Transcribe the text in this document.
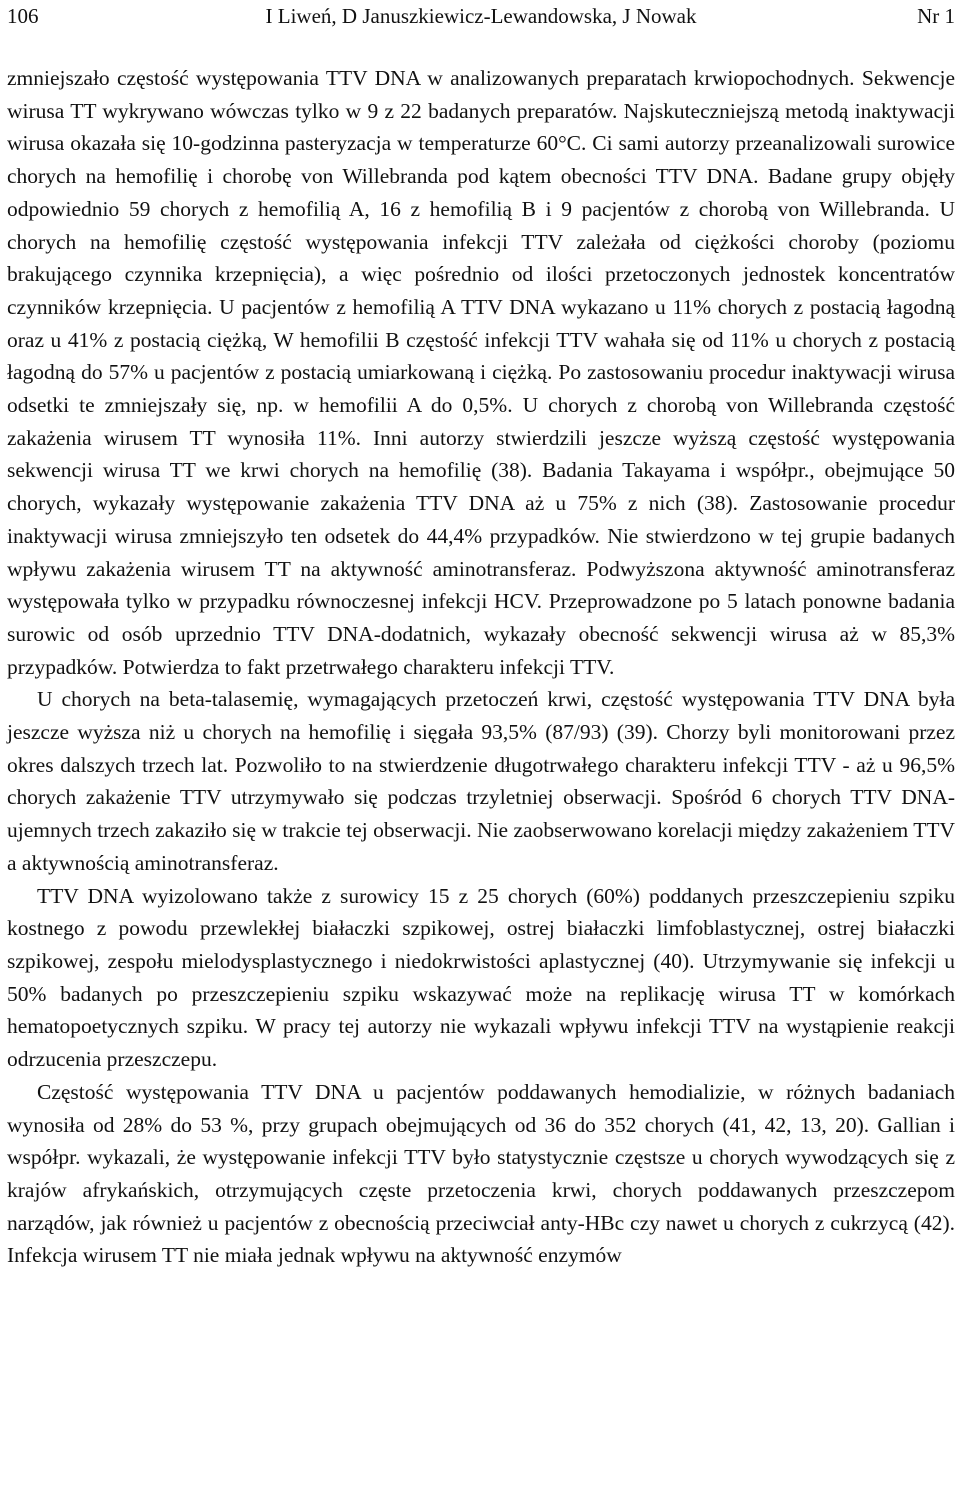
106	I Liweń, D Januszkiewicz-Lewandowska, J Nowak	Nr 1

zmniejszało częstość występowania TTV DNA w analizowanych preparatach krwiopochodnych. Sekwencje wirusa TT wykrywano wówczas tylko w 9 z 22 badanych preparatów. Najskuteczniejszą metodą inaktywacji wirusa okazała się 10-godzinna pasteryzacja w temperaturze 60°C. Ci sami autorzy przeanalizowali surowice chorych na hemofilię i chorobę von Willebranda pod kątem obecności TTV DNA. Badane grupy objęły odpowiednio 59 chorych z hemofilią A, 16 z hemofilią B i 9 pacjentów z chorobą von Willebranda. U chorych na hemofilię częstość występowania infekcji TTV zależała od ciężkości choroby (poziomu brakującego czynnika krzepnięcia), a więc pośrednio od ilości przetoczonych jednostek koncentratów czynników krzepnięcia. U pacjentów z hemofilią A TTV DNA wykazano u 11% chorych z postacią łagodną oraz u 41% z postacią ciężką, W hemofilii B częstość infekcji TTV wahała się od 11% u chorych z postacią łagodną do 57% u pacjentów z postacią umiarkowaną i ciężką. Po zastosowaniu procedur inaktywacji wirusa odsetki te zmniejszały się, np. w hemofilii A do 0,5%. U chorych z chorobą von Willebranda częstość zakażenia wirusem TT wynosiła 11%. Inni autorzy stwierdzili jeszcze wyższą częstość występowania sekwencji wirusa TT we krwi chorych na hemofilię (38). Badania Takayama i współpr., obejmujące 50 chorych, wykazały występowanie zakażenia TTV DNA aż u 75% z nich (38). Zastosowanie procedur inaktywacji wirusa zmniejszyło ten odsetek do 44,4% przypadków. Nie stwierdzono w tej grupie badanych wpływu zakażenia wirusem TT na aktywność aminotransferaz. Podwyższona aktywność aminotransferaz występowała tylko w przypadku równoczesnej infekcji HCV. Przeprowadzone po 5 latach ponowne badania surowic od osób uprzednio TTV DNA-dodatnich, wykazały obecność sekwencji wirusa aż w 85,3% przypadków. Potwierdza to fakt przetrwałego charakteru infekcji TTV.

U chorych na beta-talasemię, wymagających przetoczeń krwi, częstość występowania TTV DNA była jeszcze wyższa niż u chorych na hemofilię i sięgała 93,5% (87/93) (39). Chorzy byli monitorowani przez okres dalszych trzech lat. Pozwoliło to na stwierdzenie długotrwałego charakteru infekcji TTV - aż u 96,5% chorych zakażenie TTV utrzymywało się podczas trzyletniej obserwacji. Spośród 6 chorych TTV DNA-ujemnych trzech zakaziło się w trakcie tej obserwacji. Nie zaobserwowano korelacji między zakażeniem TTV a aktywnością aminotransferaz.

TTV DNA wyizolowano także z surowicy 15 z 25 chorych (60%) poddanych przeszczepieniu szpiku kostnego z powodu przewlekłej białaczki szpikowej, ostrej białaczki limfoblastycznej, ostrej białaczki szpikowej, zespołu mielodysplastycznego i niedokrwistości aplastycznej (40). Utrzymywanie się infekcji u 50% badanych po przeszczepieniu szpiku wskazywać może na replikację wirusa TT w komórkach hematopoetycznych szpiku. W pracy tej autorzy nie wykazali wpływu infekcji TTV na wystąpienie reakcji odrzucenia przeszczepu.

Częstość występowania TTV DNA u pacjentów poddawanych hemodializie, w różnych badaniach wynosiła od 28% do 53 %, przy grupach obejmujących od 36 do 352 chorych (41, 42, 13, 20). Gallian i współpr. wykazali, że występowanie infekcji TTV było statystycznie częstsze u chorych wywodzących się z krajów afrykańskich, otrzymujących częste przetoczenia krwi, chorych poddawanych przeszczepom narządów, jak również u pacjentów z obecnością przeciwciał anty-HBc czy nawet u chorych z cukrzycą (42). Infekcja wirusem TT nie miała jednak wpływu na aktywność enzymów
